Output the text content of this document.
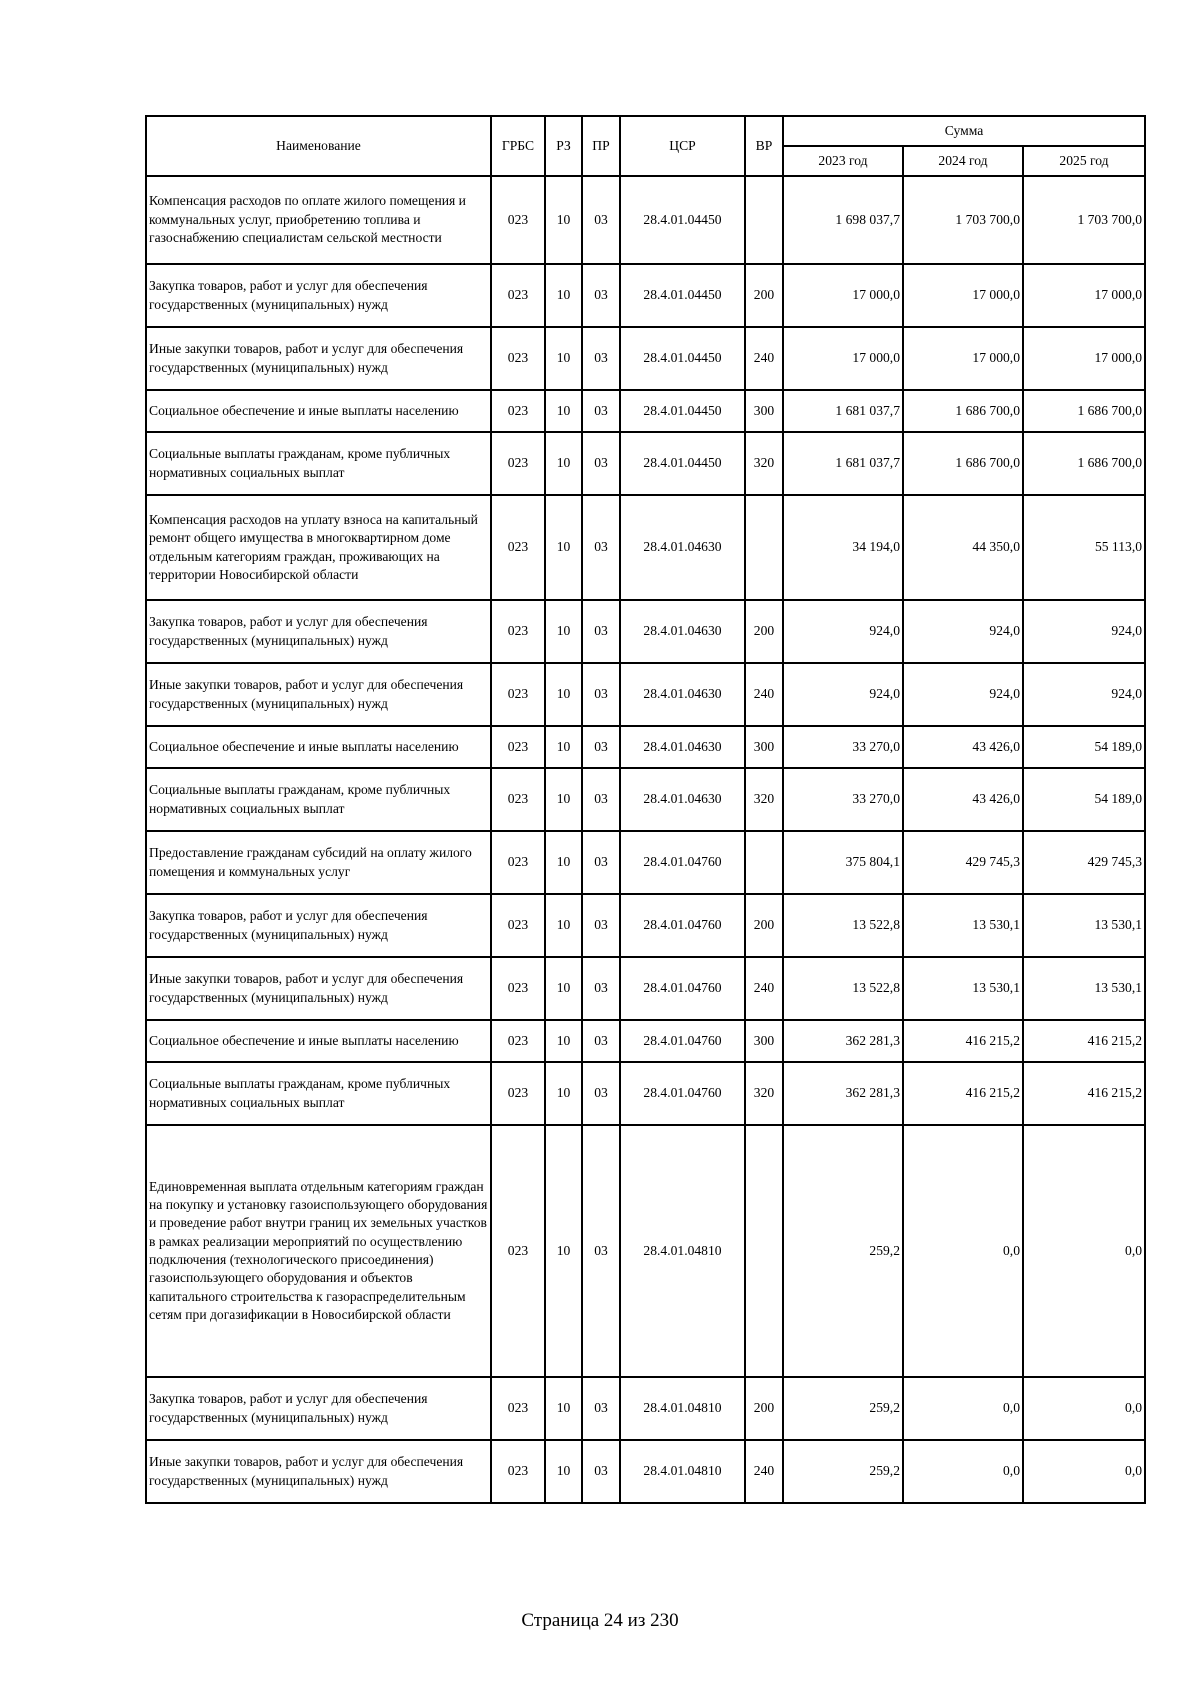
Наименование	ГРБС	РЗ	ПР	ЦСР	ВР	Сумма		
						2023 год	2024 год	2025 год
Компенсация расходов по оплате жилого помещения и коммунальных услуг, приобретению топлива и газоснабжению специалистам сельской местности	023	10	03	28.4.01.04450		1 698 037,7	1 703 700,0	1 703 700,0
Закупка товаров, работ и услуг для обеспечения государственных (муниципальных) нужд	023	10	03	28.4.01.04450	200	17 000,0	17 000,0	17 000,0
Иные закупки товаров, работ и услуг для обеспечения государственных (муниципальных) нужд	023	10	03	28.4.01.04450	240	17 000,0	17 000,0	17 000,0
Социальное обеспечение и иные выплаты населению	023	10	03	28.4.01.04450	300	1 681 037,7	1 686 700,0	1 686 700,0
Социальные выплаты гражданам, кроме публичных нормативных социальных выплат	023	10	03	28.4.01.04450	320	1 681 037,7	1 686 700,0	1 686 700,0
Компенсация расходов на уплату взноса на капитальный ремонт общего имущества в многоквартирном доме отдельным категориям граждан, проживающих на территории Новосибирской области	023	10	03	28.4.01.04630		34 194,0	44 350,0	55 113,0
Закупка товаров, работ и услуг для обеспечения государственных (муниципальных) нужд	023	10	03	28.4.01.04630	200	924,0	924,0	924,0
Иные закупки товаров, работ и услуг для обеспечения государственных (муниципальных) нужд	023	10	03	28.4.01.04630	240	924,0	924,0	924,0
Социальное обеспечение и иные выплаты населению	023	10	03	28.4.01.04630	300	33 270,0	43 426,0	54 189,0
Социальные выплаты гражданам, кроме публичных нормативных социальных выплат	023	10	03	28.4.01.04630	320	33 270,0	43 426,0	54 189,0
Предоставление гражданам субсидий на оплату жилого помещения и коммунальных услуг	023	10	03	28.4.01.04760		375 804,1	429 745,3	429 745,3
Закупка товаров, работ и услуг для обеспечения государственных (муниципальных) нужд	023	10	03	28.4.01.04760	200	13 522,8	13 530,1	13 530,1
Иные закупки товаров, работ и услуг для обеспечения государственных (муниципальных) нужд	023	10	03	28.4.01.04760	240	13 522,8	13 530,1	13 530,1
Социальное обеспечение и иные выплаты населению	023	10	03	28.4.01.04760	300	362 281,3	416 215,2	416 215,2
Социальные выплаты гражданам, кроме публичных нормативных социальных выплат	023	10	03	28.4.01.04760	320	362 281,3	416 215,2	416 215,2
Единовременная выплата отдельным категориям граждан на покупку и установку газоиспользующего оборудования и проведение работ внутри границ их земельных участков в рамках реализации мероприятий по осуществлению подключения (технологического присоединения) газоиспользующего оборудования и объектов капитального строительства к газораспределительным сетям при догазификации в Новосибирской области	023	10	03	28.4.01.04810		259,2	0,0	0,0
Закупка товаров, работ и услуг для обеспечения государственных (муниципальных) нужд	023	10	03	28.4.01.04810	200	259,2	0,0	0,0
Иные закупки товаров, работ и услуг для обеспечения государственных (муниципальных) нужд	023	10	03	28.4.01.04810	240	259,2	0,0	0,0
Страница 24 из 230
